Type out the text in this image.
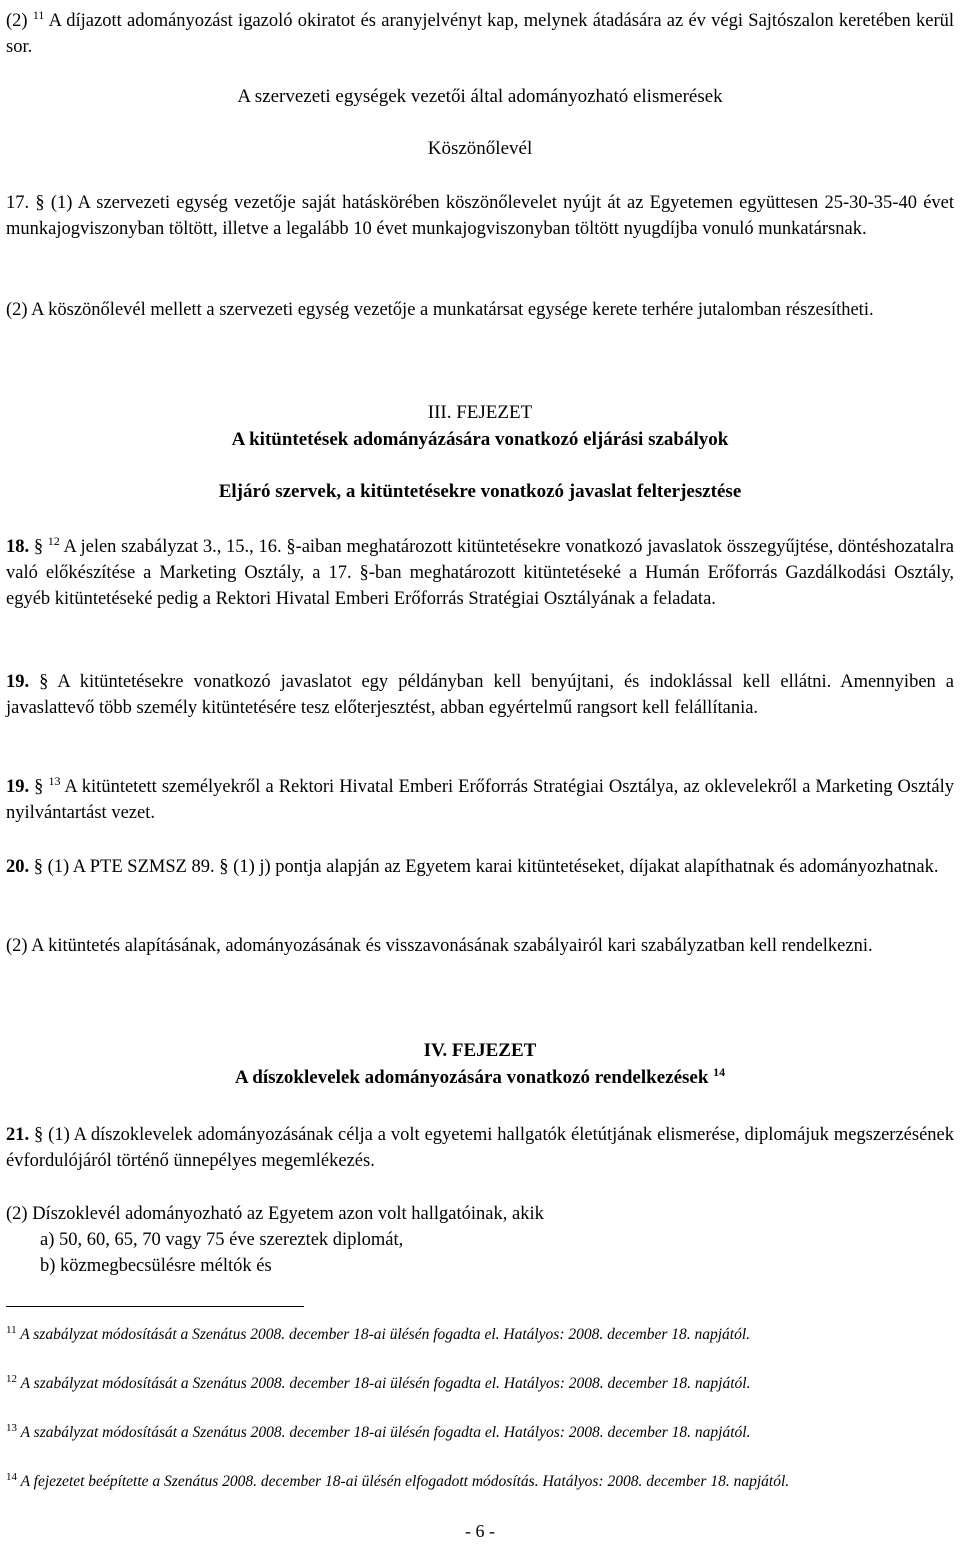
(2) $^{11}$ A díjazott adományozást igazoló okiratot és aranyjelvényt kap, melynek átadására az év végi Sajtószalon keretében kerül sor.

A szervezeti egységek vezetői által adományozható elismerések

Köszönőlevél

17. § (1) A szervezeti egység vezetője saját hatáskörében köszönőlevelet nyújt át az Egyetemen együttesen 25-30-35-40 évet munkajogviszonyban töltött, illetve a legalább 10 évet munkajogviszonyban töltött nyugdíjba vonuló munkatársnak.

(2) A köszönőlevél mellett a szervezeti egység vezetője a munkatársat egysége kerete terhére jutalomban részesítheti.

III. FEJEZET

A kitüntetések adományázására vonatkozó eljárási szabályok

Eljáró szervek, a kitüntetésekre vonatkozó javaslat felterjesztése

18. § $^{12}$ A jelen szabályzat 3., 15., 16. §-aiban meghatározott kitüntetésekre vonatkozó javaslatok összegyűjtése, döntéshozatalra való előkészítése a Marketing Osztály, a 17. §-ban meghatározott kitüntetéseké a Humán Erőforrás Gazdálkodási Osztály, egyéb kitüntetéseké pedig a Rektori Hivatal Emberi Erőforrás Stratégiai Osztályának a feladata.

19. § A kitüntetésekre vonatkozó javaslatot egy példányban kell benyújtani, és indoklással kell ellátni. Amennyiben a javaslattevő több személy kitüntetésére tesz előterjesztést, abban egyértelmű rangsort kell felállítania.

19. § $^{13}$ A kitüntetett személyekről a Rektori Hivatal Emberi Erőforrás Stratégiai Osztálya, az oklevelekről a Marketing Osztály nyilvántartást vezet.

20. § (1) A PTE SZMSZ 89. § (1) j) pontja alapján az Egyetem karai kitüntetéseket, díjakat alapíthatnak és adományozhatnak.

(2) A kitüntetés alapításának, adományozásának és visszavonásának szabályairól kari szabályzatban kell rendelkezni.

IV. FEJEZET

A díszoklevelek adományozására vonatkozó rendelkezések $^{14}$

21. § (1) A díszoklevelek adományozásának célja a volt egyetemi hallgatók életútjának elismerése, diplomájuk megszerzésének évfordulójáról történő ünnepélyes megemlékezés.

(2) Díszoklevél adományozható az Egyetem azon volt hallgatóinak, akik

a) 50, 60, 65, 70 vagy 75 éve szereztek diplomát,

b) közmegbecsülésre méltók és

$^{11}$ A szabályzat módosítását a Szenátus 2008. december 18-ai ülésén fogadta el. Hatályos: 2008. december 18. napjától.

$^{12}$ A szabályzat módosítását a Szenátus 2008. december 18-ai ülésén fogadta el. Hatályos: 2008. december 18. napjától.

$^{13}$ A szabályzat módosítását a Szenátus 2008. december 18-ai ülésén fogadta el. Hatályos: 2008. december 18. napjától.

$^{14}$ A fejezetet beépítette a Szenátus 2008. december 18-ai ülésén elfogadott módosítás. Hatályos: 2008. december 18. napjától.

- 6 -
